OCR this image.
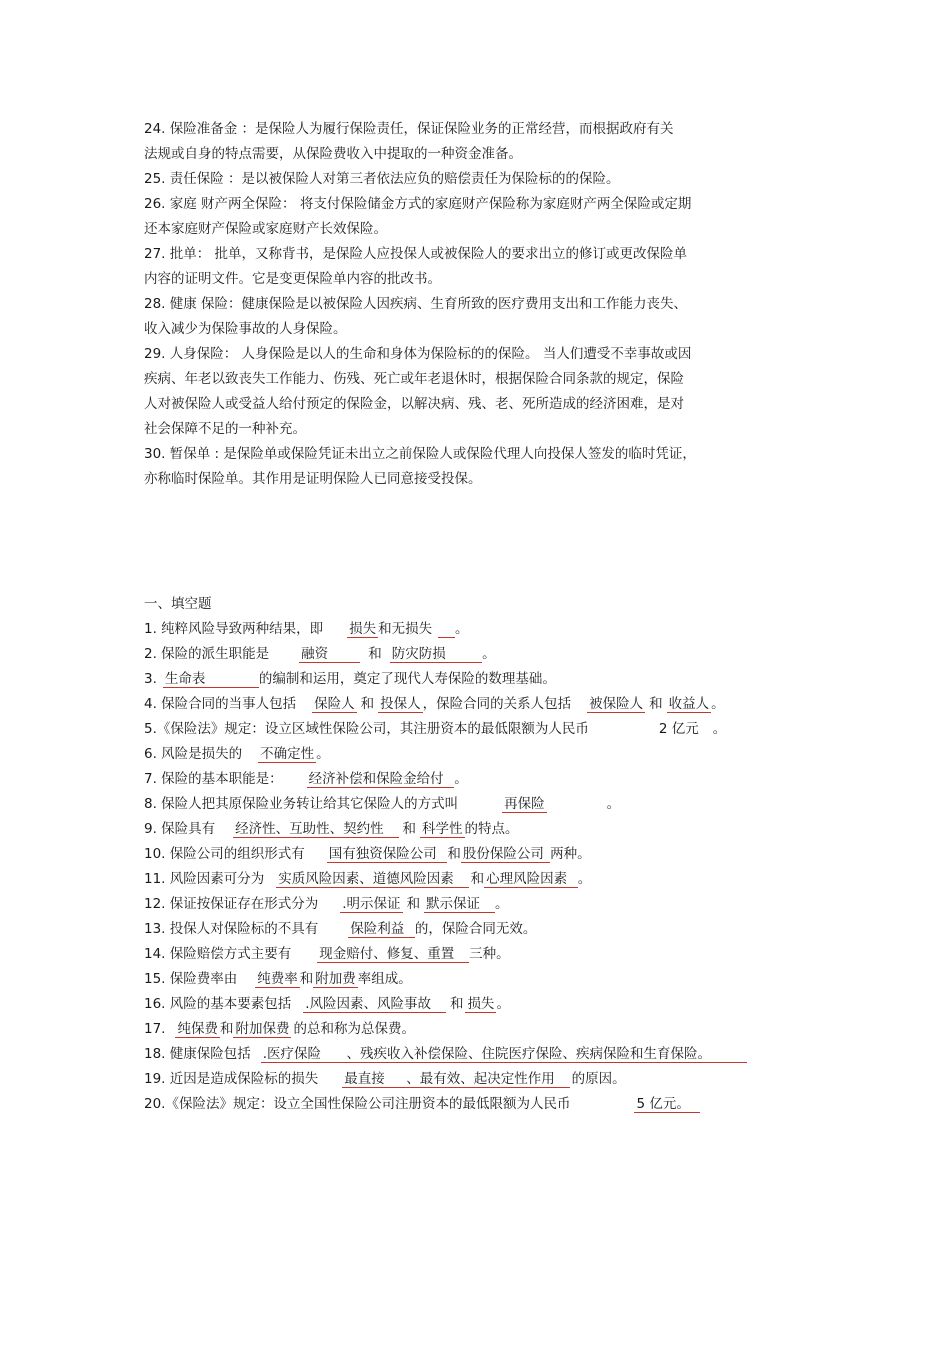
24. 保险准备金 ：是保险人为履行保险责任，保证保险业务的正常经营，而根据政府有关
法规或自身的特点需要，从保险费收入中提取的一种资金准备。
25. 责任保险 ：是以被保险人对第三者依法应负的赔偿责任为保险标的的保险。
26. 家庭 财产两全保险： 将支付保险储金方式的家庭财产保险称为家庭财产两全保险或定期
还本家庭财产保险或家庭财产长效保险。
27. 批单： 批单，又称背书，是保险人应投保人或被保险人的要求出立的修订或更改保险单
内容的证明文件。它是变更保险单内容的批改书。
28. 健康 保险：健康保险是以被保险人因疾病、生育所致的医疗费用支出和工作能力丧失、
收入减少为保险事故的人身保险。
29. 人身保险： 人身保险是以人的生命和身体为保险标的的保险。 当人们遭受不幸事故或因
疾病、年老以致丧失工作能力、伤残、死亡或年老退休时，根据保险合同条款的规定，保险
人对被保险人或受益人给付预定的保险金，以解决病、残、老、死所造成的经济困难，是对
社会保障不足的一种补充。
30. 暂保单 : 是保险单或保险凭证未出立之前保险人或保险代理人向投保人签发的临时凭证，
亦称临时保险单。其作用是证明保险人已同意接受投保。
一、填空题
1. 纯粹风险导致两种结果，即 损失 和无损失 。
2. 保险的派生职能是 融资	和 防灾防损	。
3. 生命表	的编制和运用，奠定了现代人寿保险的数理基础。
4. 保险合同的当事人包括 保险人 和 投保人 ，保险合同的关系人包括 被保险人 和 收益人 。
5.《保险法》规定：设立区域性保险公司，其注册资本的最低限额为人民币	2 亿元 。
6. 风险是损失的 不确定性 。
7. 保险的基本职能是： 经济补偿和保险金给付 。
8. 保险人把其原保险业务转让给其它保险人的方式叫	再保险	。
9. 保险具有 经济性、互助性、契约性 和 科学性 的特点。
10. 保险公司的组织形式有 国有独资保险公司 和 股份保险公司 两种。
11. 风险因素可分为 实质风险因素、道德风险因素 和 心理风险因素 。
12. 保证按保证存在形式分为 .明示保证 和 默示保证 。
13. 投保人对保险标的不具有 保险利益 的，保险合同无效。
14. 保险赔偿方式主要有 现金赔付、修复、重置 三种。
15. 保险费率由 纯费率 和 附加费 率组成。
16. 风险的基本要素包括 .风险因素、风险事故 和 损失 。
17. 纯保费 和 附加保费 的总和称为总保费。
18. 健康保险包括 .医疗保险 、残疾收入补偿保险、住院医疗保险、疾病保险和生育保险。
19. 近因是造成保险标的损失 最直接 、最有效、起决定性作用 的原因。
20.《保险法》规定：设立全国性保险公司注册资本的最低限额为人民币	5 亿元。
